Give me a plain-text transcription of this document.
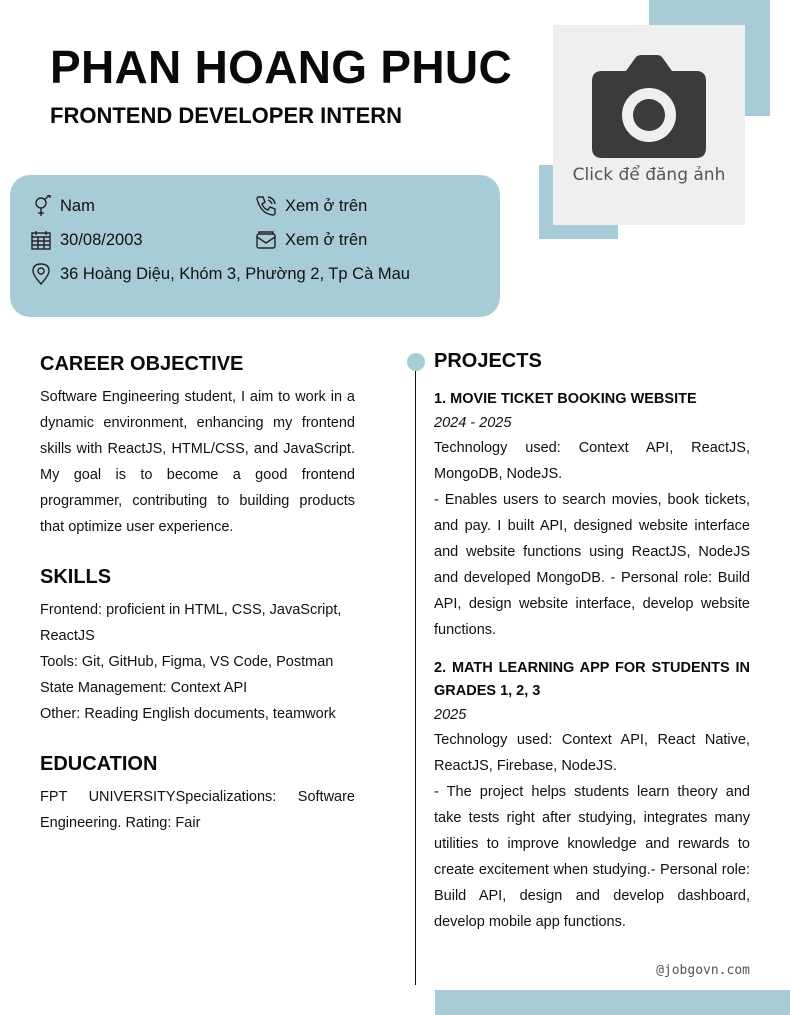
Click để đăng ảnh
PHAN HOANG PHUC
FRONTEND DEVELOPER INTERN
Nam	Xem ở trên
30/08/2003	Xem ở trên
36 Hoàng Diệu, Khóm 3, Phường 2, Tp Cà Mau
CAREER OBJECTIVE

Software Engineering student, I aim to work in a dynamic environment, enhancing my frontend skills with ReactJS, HTML/CSS, and JavaScript. My goal is to become a good frontend programmer, contributing to building products that optimize user experience.

SKILLS

Frontend: proficient in HTML, CSS, JavaScript, ReactJS

Tools: Git, GitHub, Figma, VS Code, Postman

State Management: Context API

Other: Reading English documents, teamwork

EDUCATION

FPT UNIVERSITYSpecializations: Software Engineering. Rating: Fair

PROJECTS

1. MOVIE TICKET BOOKING WEBSITE

2024 - 2025

Technology used: Context API, ReactJS, MongoDB, NodeJS.

- Enables users to search movies, book tickets, and pay. I built API, designed website interface and website functions using ReactJS, NodeJS and developed MongoDB. - Personal role: Build API, design website interface, develop website functions.

2. MATH LEARNING APP FOR STUDENTS IN GRADES 1, 2, 3

2025

Technology used: Context API, React Native, ReactJS, Firebase, NodeJS.

- The project helps students learn theory and take tests right after studying, integrates many utilities to improve knowledge and rewards to create excitement when studying.- Personal role: Build API, design and develop dashboard, develop mobile app functions.

@jobgovn.com
